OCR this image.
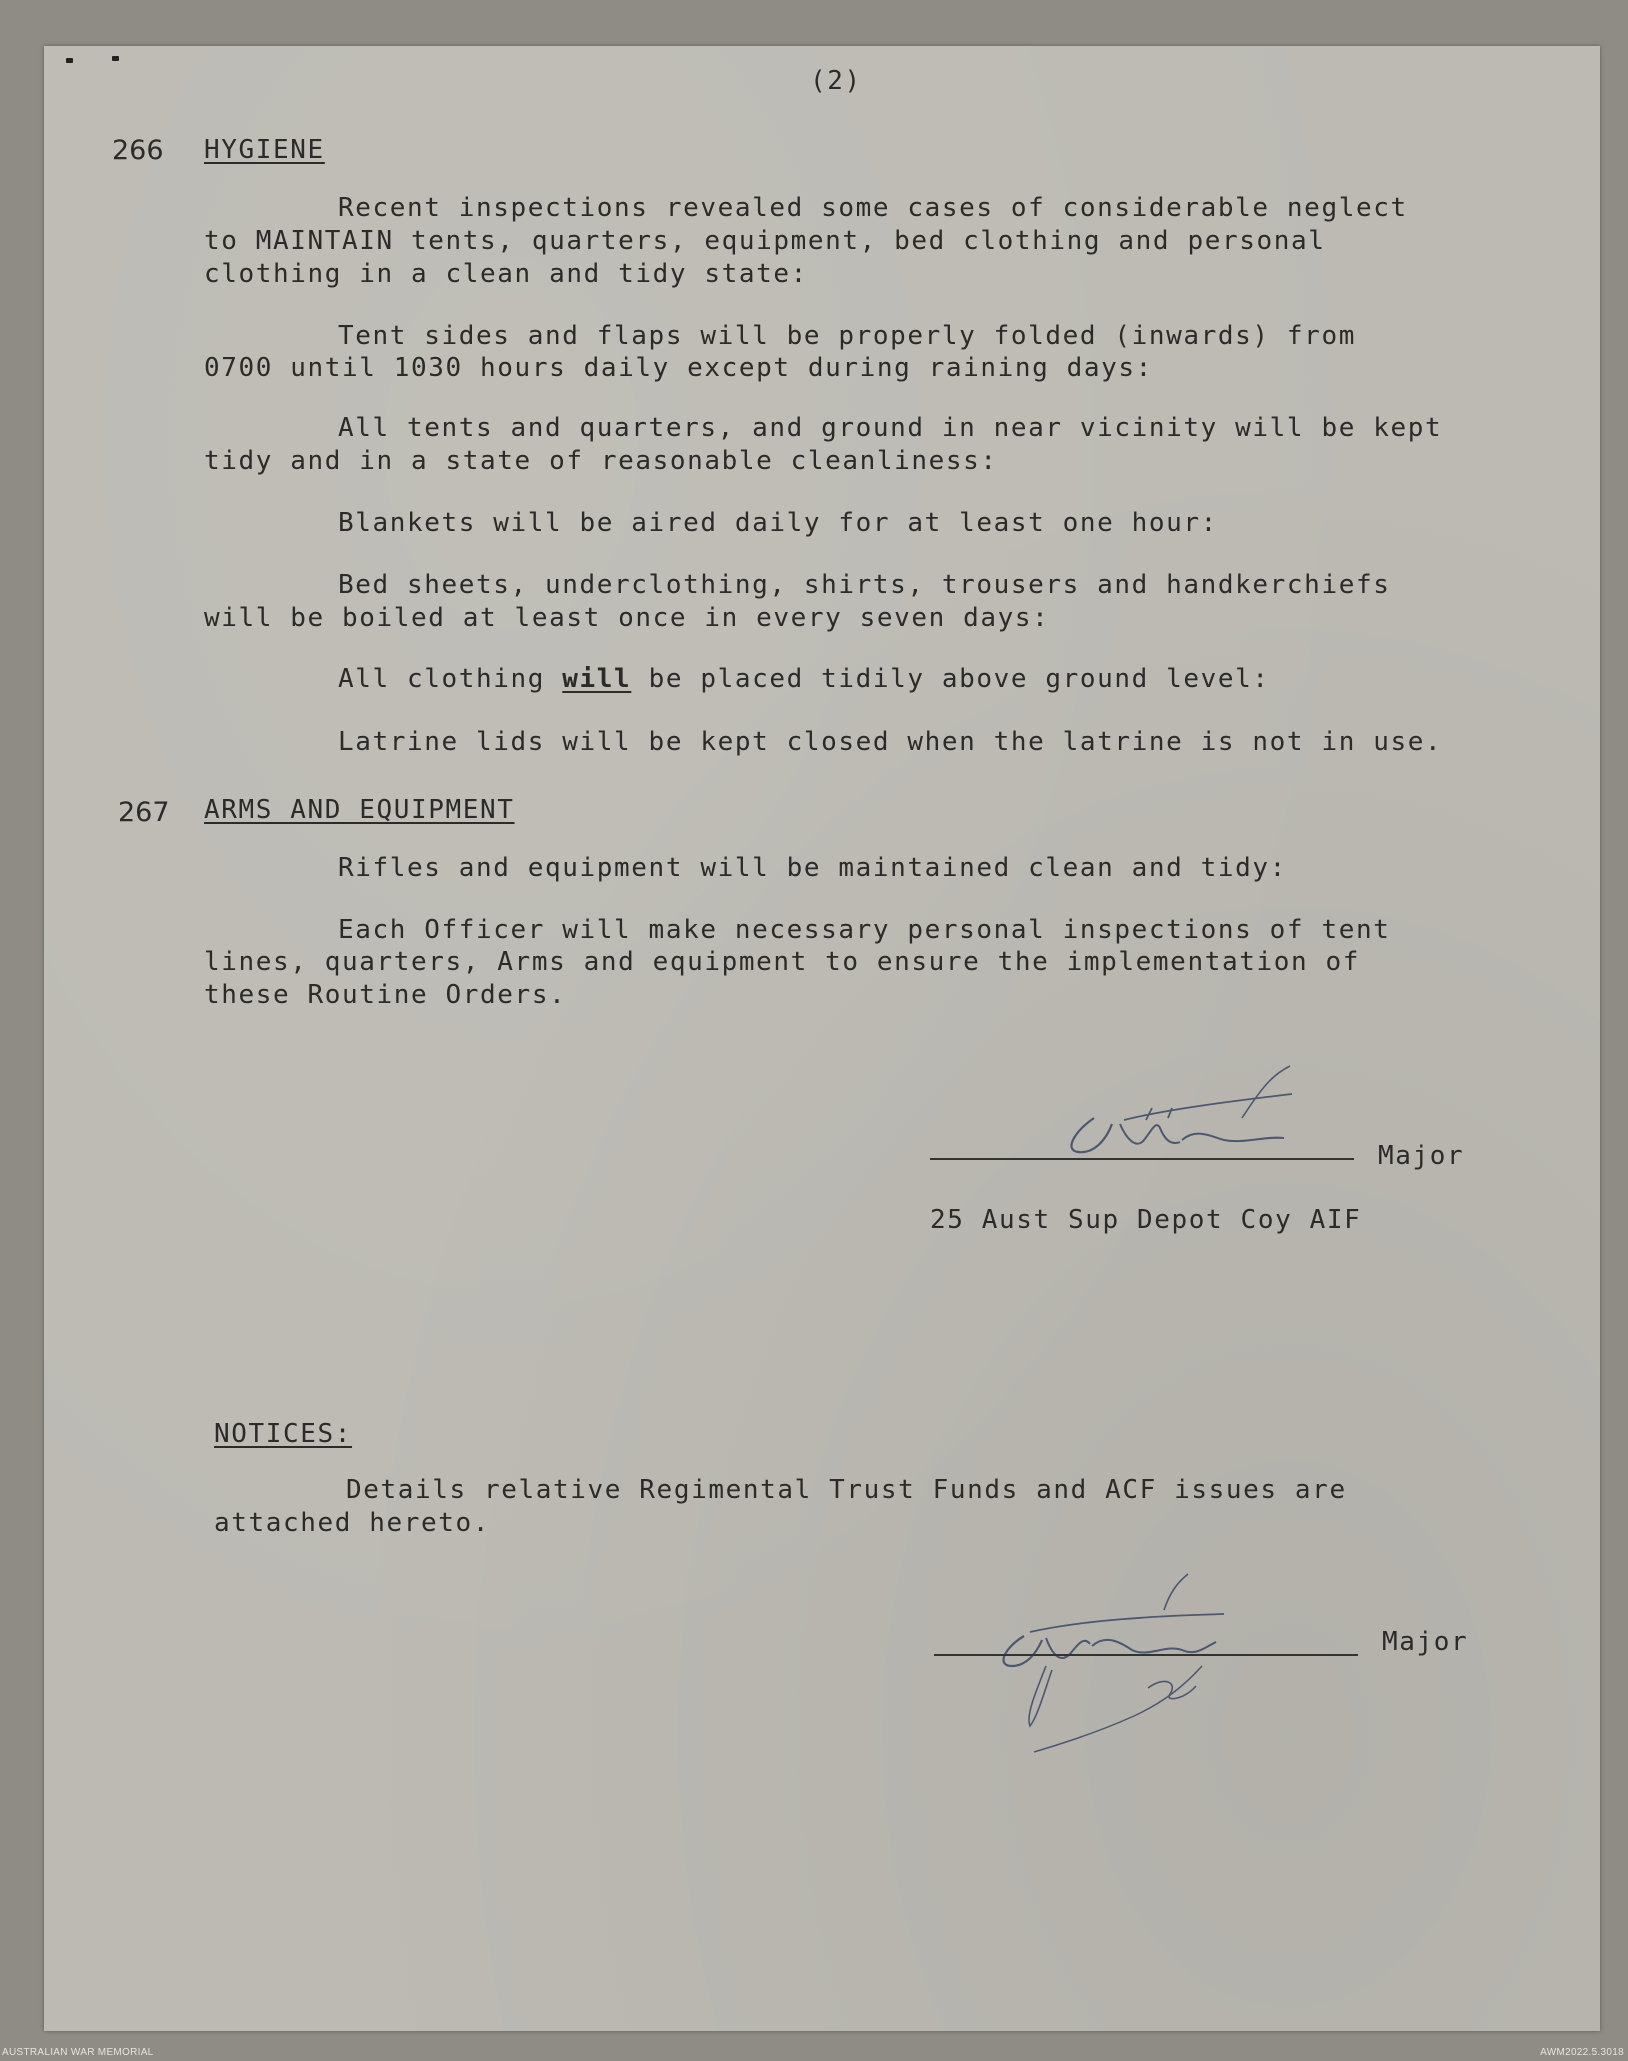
(2)

266 HYGIENE

Recent inspections revealed some cases of considerable neglect

to MAINTAIN tents, quarters, equipment, bed clothing and personal

clothing in a clean and tidy state:

Tent sides and flaps will be properly folded (inwards) from

0700 until 1030 hours daily except during raining days:

All tents and quarters, and ground in near vicinity will be kept

tidy and in a state of reasonable cleanliness:

Blankets will be aired daily for at least one hour:

Bed sheets, underclothing, shirts, trousers and handkerchiefs

will be boiled at least once in every seven days:

All clothing will be placed tidily above ground level:

Latrine lids will be kept closed when the latrine is not in use.

267 ARMS AND EQUIPMENT

Rifles and equipment will be maintained clean and tidy:

Each Officer will make necessary personal inspections of tent

lines, quarters, Arms and equipment to ensure the implementation of

these Routine Orders.

Major

25 Aust Sup Depot Coy AIF

NOTICES:

Details relative Regimental Trust Funds and ACF issues are

attached hereto.

Major

AUSTRALIAN WAR MEMORIAL	AWM2022.5.3018
